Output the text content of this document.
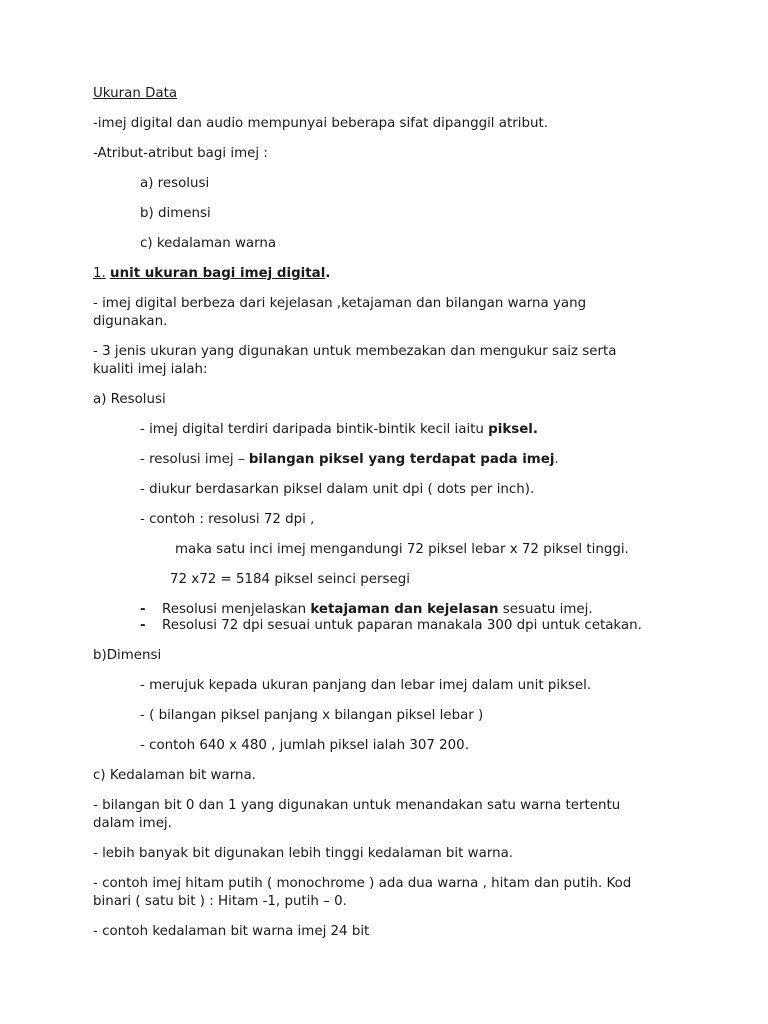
Ukuran Data
-imej digital dan audio mempunyai beberapa sifat dipanggil atribut.
-Atribut-atribut bagi imej :
a) resolusi
b) dimensi
c) kedalaman warna
1. unit ukuran bagi imej digital.
- imej digital berbeza dari kejelasan ,ketajaman dan bilangan warna yang
digunakan.
- 3 jenis ukuran yang digunakan untuk membezakan dan mengukur saiz serta
kualiti imej ialah:
a) Resolusi
- imej digital terdiri daripada bintik-bintik kecil iaitu piksel.
- resolusi imej – bilangan piksel yang terdapat pada imej.
- diukur berdasarkan piksel dalam unit dpi ( dots per inch).
- contoh : resolusi 72 dpi ,
maka satu inci imej mengandungi 72 piksel lebar x 72 piksel tinggi.
72 x72 = 5184 piksel seinci persegi
- Resolusi menjelaskan ketajaman dan kejelasan sesuatu imej.
- Resolusi 72 dpi sesuai untuk paparan manakala 300 dpi untuk cetakan.
b)Dimensi
- merujuk kepada ukuran panjang dan lebar imej dalam unit piksel.
- ( bilangan piksel panjang x bilangan piksel lebar )
- contoh 640 x 480 , jumlah piksel ialah 307 200.
c) Kedalaman bit warna.
- bilangan bit 0 dan 1 yang digunakan untuk menandakan satu warna tertentu
dalam imej.
- lebih banyak bit digunakan lebih tinggi kedalaman bit warna.
- contoh imej hitam putih ( monochrome ) ada dua warna , hitam dan putih. Kod
binari ( satu bit ) : Hitam -1, putih – 0.
- contoh kedalaman bit warna imej 24 bit
